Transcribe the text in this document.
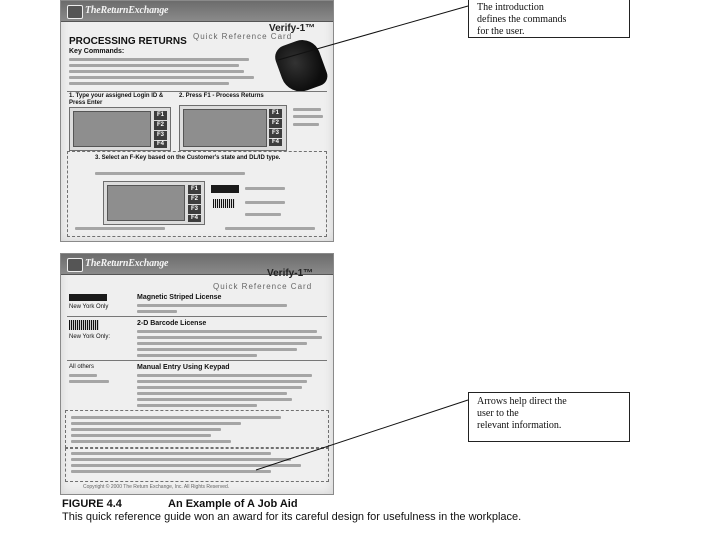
TheReturnExchange
Verify-1™
Quick Reference Card
PROCESSING RETURNS
Key Commands:
1. Type your assigned Login ID & Press Enter
F1
F2
F3
F4
2. Press F1 - Process Returns
F1
F2
F3
F4
3. Select an F-Key based on the Customer's state and DL/ID type.
F1
F2
F3
F4
TheReturnExchange
Verify-1™
Quick Reference Card
New York Only
Magnetic Striped License
New York Only:
2-D Barcode License
All others	Manual Entry Using Keypad
Copyright © 2000 The Return Exchange, Inc. All Rights Reserved.
The introduction
defines the commands
for the user.
Arrows help direct the
user to the
relevant information.
FIGURE 4.4	An Example of A Job Aid
This quick reference guide won an award for its careful design for usefulness in the workplace.
